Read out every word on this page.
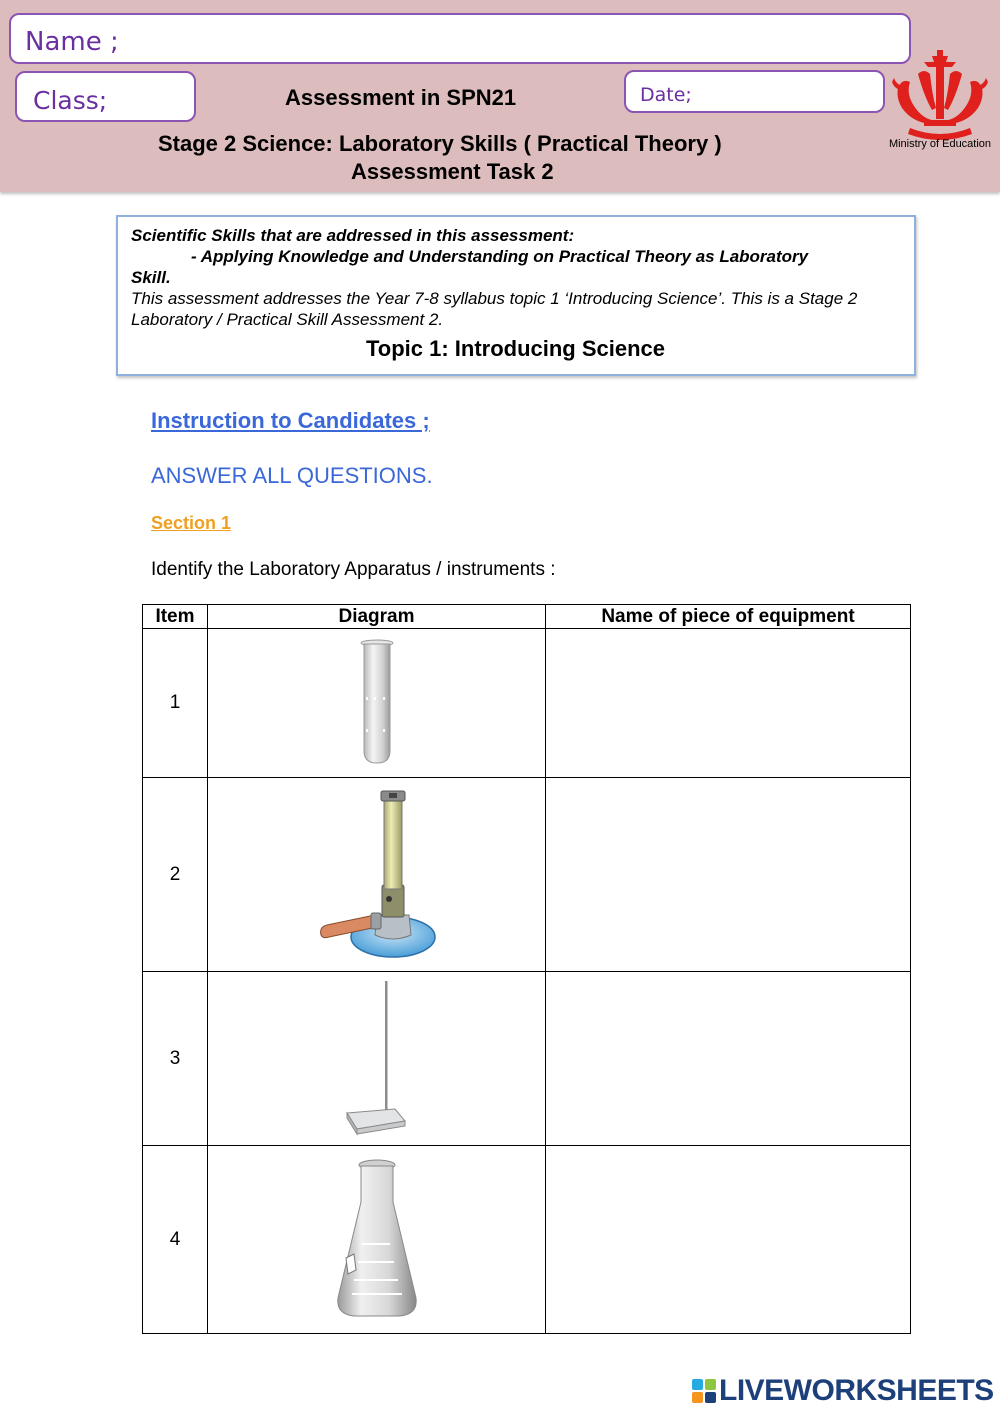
Name ;
Class;	Date;
Assessment in SPN21
Stage 2 Science: Laboratory Skills ( Practical Theory )
Assessment Task 2
Ministry of Education

Scientific Skills that are addressed in this assessment:

- Applying Knowledge and Understanding on Practical Theory as Laboratory

Skill.

This assessment addresses the Year 7-8 syllabus topic 1 ‘Introducing Science’. This is a Stage 2 Laboratory / Practical Skill Assessment 2.

Topic 1: Introducing Science

Instruction to Candidates ;
ANSWER ALL QUESTIONS.
Section 1
Identify the Laboratory Apparatus / instruments :
Item	Diagram	Name of piece of equipment
1	

2	

3	

4	

LIVEWORKSHEETS
